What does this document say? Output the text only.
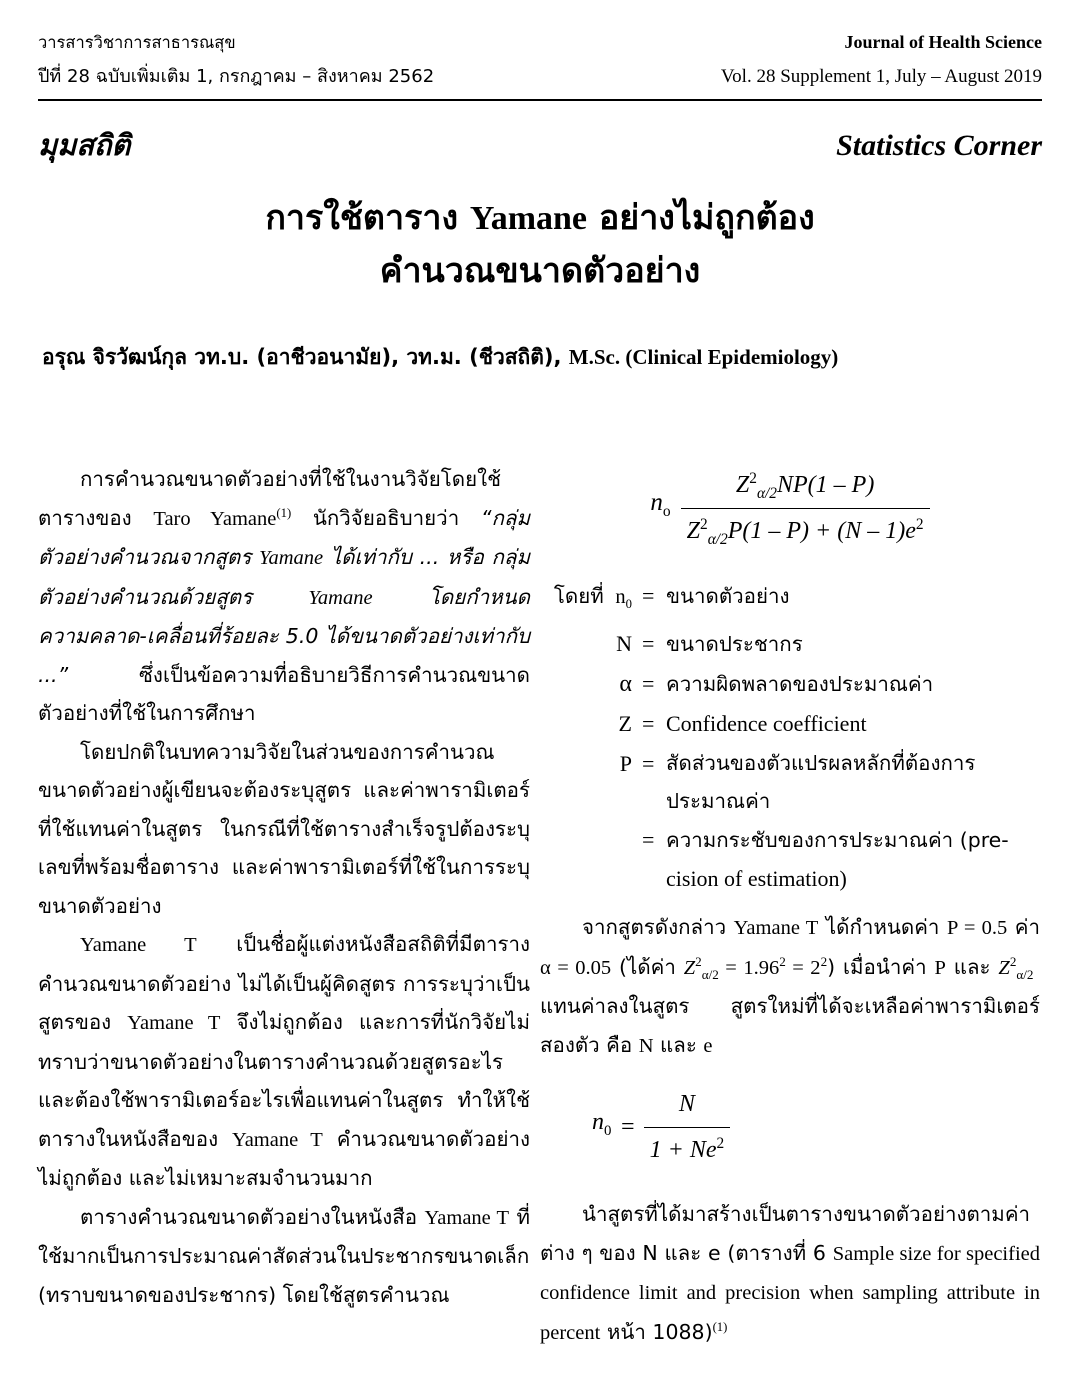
วารสารวิชาการสาธารณสุข	Journal of Health Science
ปีที่ 28 ฉบับเพิ่มเติม 1, กรกฎาคม – สิงหาคม 2562	Vol. 28 Supplement 1, July – August 2019
มุมสถิติ	Statistics Corner
การใช้ตาราง Yamane อย่างไม่ถูกต้อง
คำนวณขนาดตัวอย่าง
อรุณ จิรวัฒน์กุล วท.บ. (อาชีวอนามัย), วท.ม. (ชีวสถิติ), M.Sc. (Clinical Epidemiology)

การคำนวณขนาดตัวอย่างที่ใช้ในงานวิจัยโดยใช้ตารางของ Taro Yamane$^{(1)}$ นักวิจัยอธิบายว่า “กลุ่มตัวอย่างคำนวณจากสูตร Yamane ได้เท่ากับ ... หรือ กลุ่มตัวอย่างคำนวณด้วยสูตร Yamane โดยกำหนดความคลาด-เคลื่อนที่ร้อยละ 5.0 ได้ขนาดตัวอย่างเท่ากับ ...” ซึ่งเป็นข้อความที่อธิบายวิธีการคำนวณขนาดตัวอย่างที่ใช้ในการศึกษา

โดยปกติในบทความวิจัยในส่วนของการคำนวณขนาดตัวอย่างผู้เขียนจะต้องระบุสูตร และค่าพารามิเตอร์ที่ใช้แทนค่าในสูตร ในกรณีที่ใช้ตารางสำเร็จรูปต้องระบุเลขที่พร้อมชื่อตาราง และค่าพารามิเตอร์ที่ใช้ในการระบุขนาดตัวอย่าง

Yamane T เป็นชื่อผู้แต่งหนังสือสถิติที่มีตารางคำนวณขนาดตัวอย่าง ไม่ได้เป็นผู้คิดสูตร การระบุว่าเป็นสูตรของ Yamane T จึงไม่ถูกต้อง และการที่นักวิจัยไม่ทราบว่าขนาดตัวอย่างในตารางคำนวณด้วยสูตรอะไร และต้องใช้พารามิเตอร์อะไรเพื่อแทนค่าในสูตร ทำให้ใช้ตารางในหนังสือของ Yamane T คำนวณขนาดตัวอย่างไม่ถูกต้อง และไม่เหมาะสมจำนวนมาก

ตารางคำนวณขนาดตัวอย่างในหนังสือ Yamane T ที่ใช้มากเป็นการประมาณค่าสัดส่วนในประชากรขนาดเล็ก (ทราบขนาดของประชากร) โดยใช้สูตรคำนวณ

$n_o \frac{Z^2_{\alpha/2}NP(1 - P)}{Z^2_{\alpha/2}P(1 - P) + (N - 1)e^2}$
โดยที่  $n_0$ = ขนาดตัวอย่าง
N = ขนาดประชากร
α = ความผิดพลาดของประมาณค่า
Z = Confidence coefficient
P = สัดส่วนของตัวแปรผลหลักที่ต้องการประมาณค่า
= ความกระชับของการประมาณค่า (pre-
cision of estimation)

จากสูตรดังกล่าว Yamane T ได้กำหนดค่า P = 0.5 ค่า α = 0.05 (ได้ค่า $Z^2_{\alpha/2} = 1.96^2 = 2^2$) เมื่อนำค่า P และ $Z^2_{\alpha/2}$  แทนค่าลงในสูตร สูตรใหม่ที่ได้จะเหลือค่าพารามิเตอร์สองตัว คือ N และ e

$n_0 = \frac{N}{1 + Ne^2}$

นำสูตรที่ได้มาสร้างเป็นตารางขนาดตัวอย่างตามค่าต่าง ๆ ของ N และ e (ตารางที่ 6 Sample size for specified confidence limit and precision when sampling attribute in percent หน้า 1088)$^{(1)}$
